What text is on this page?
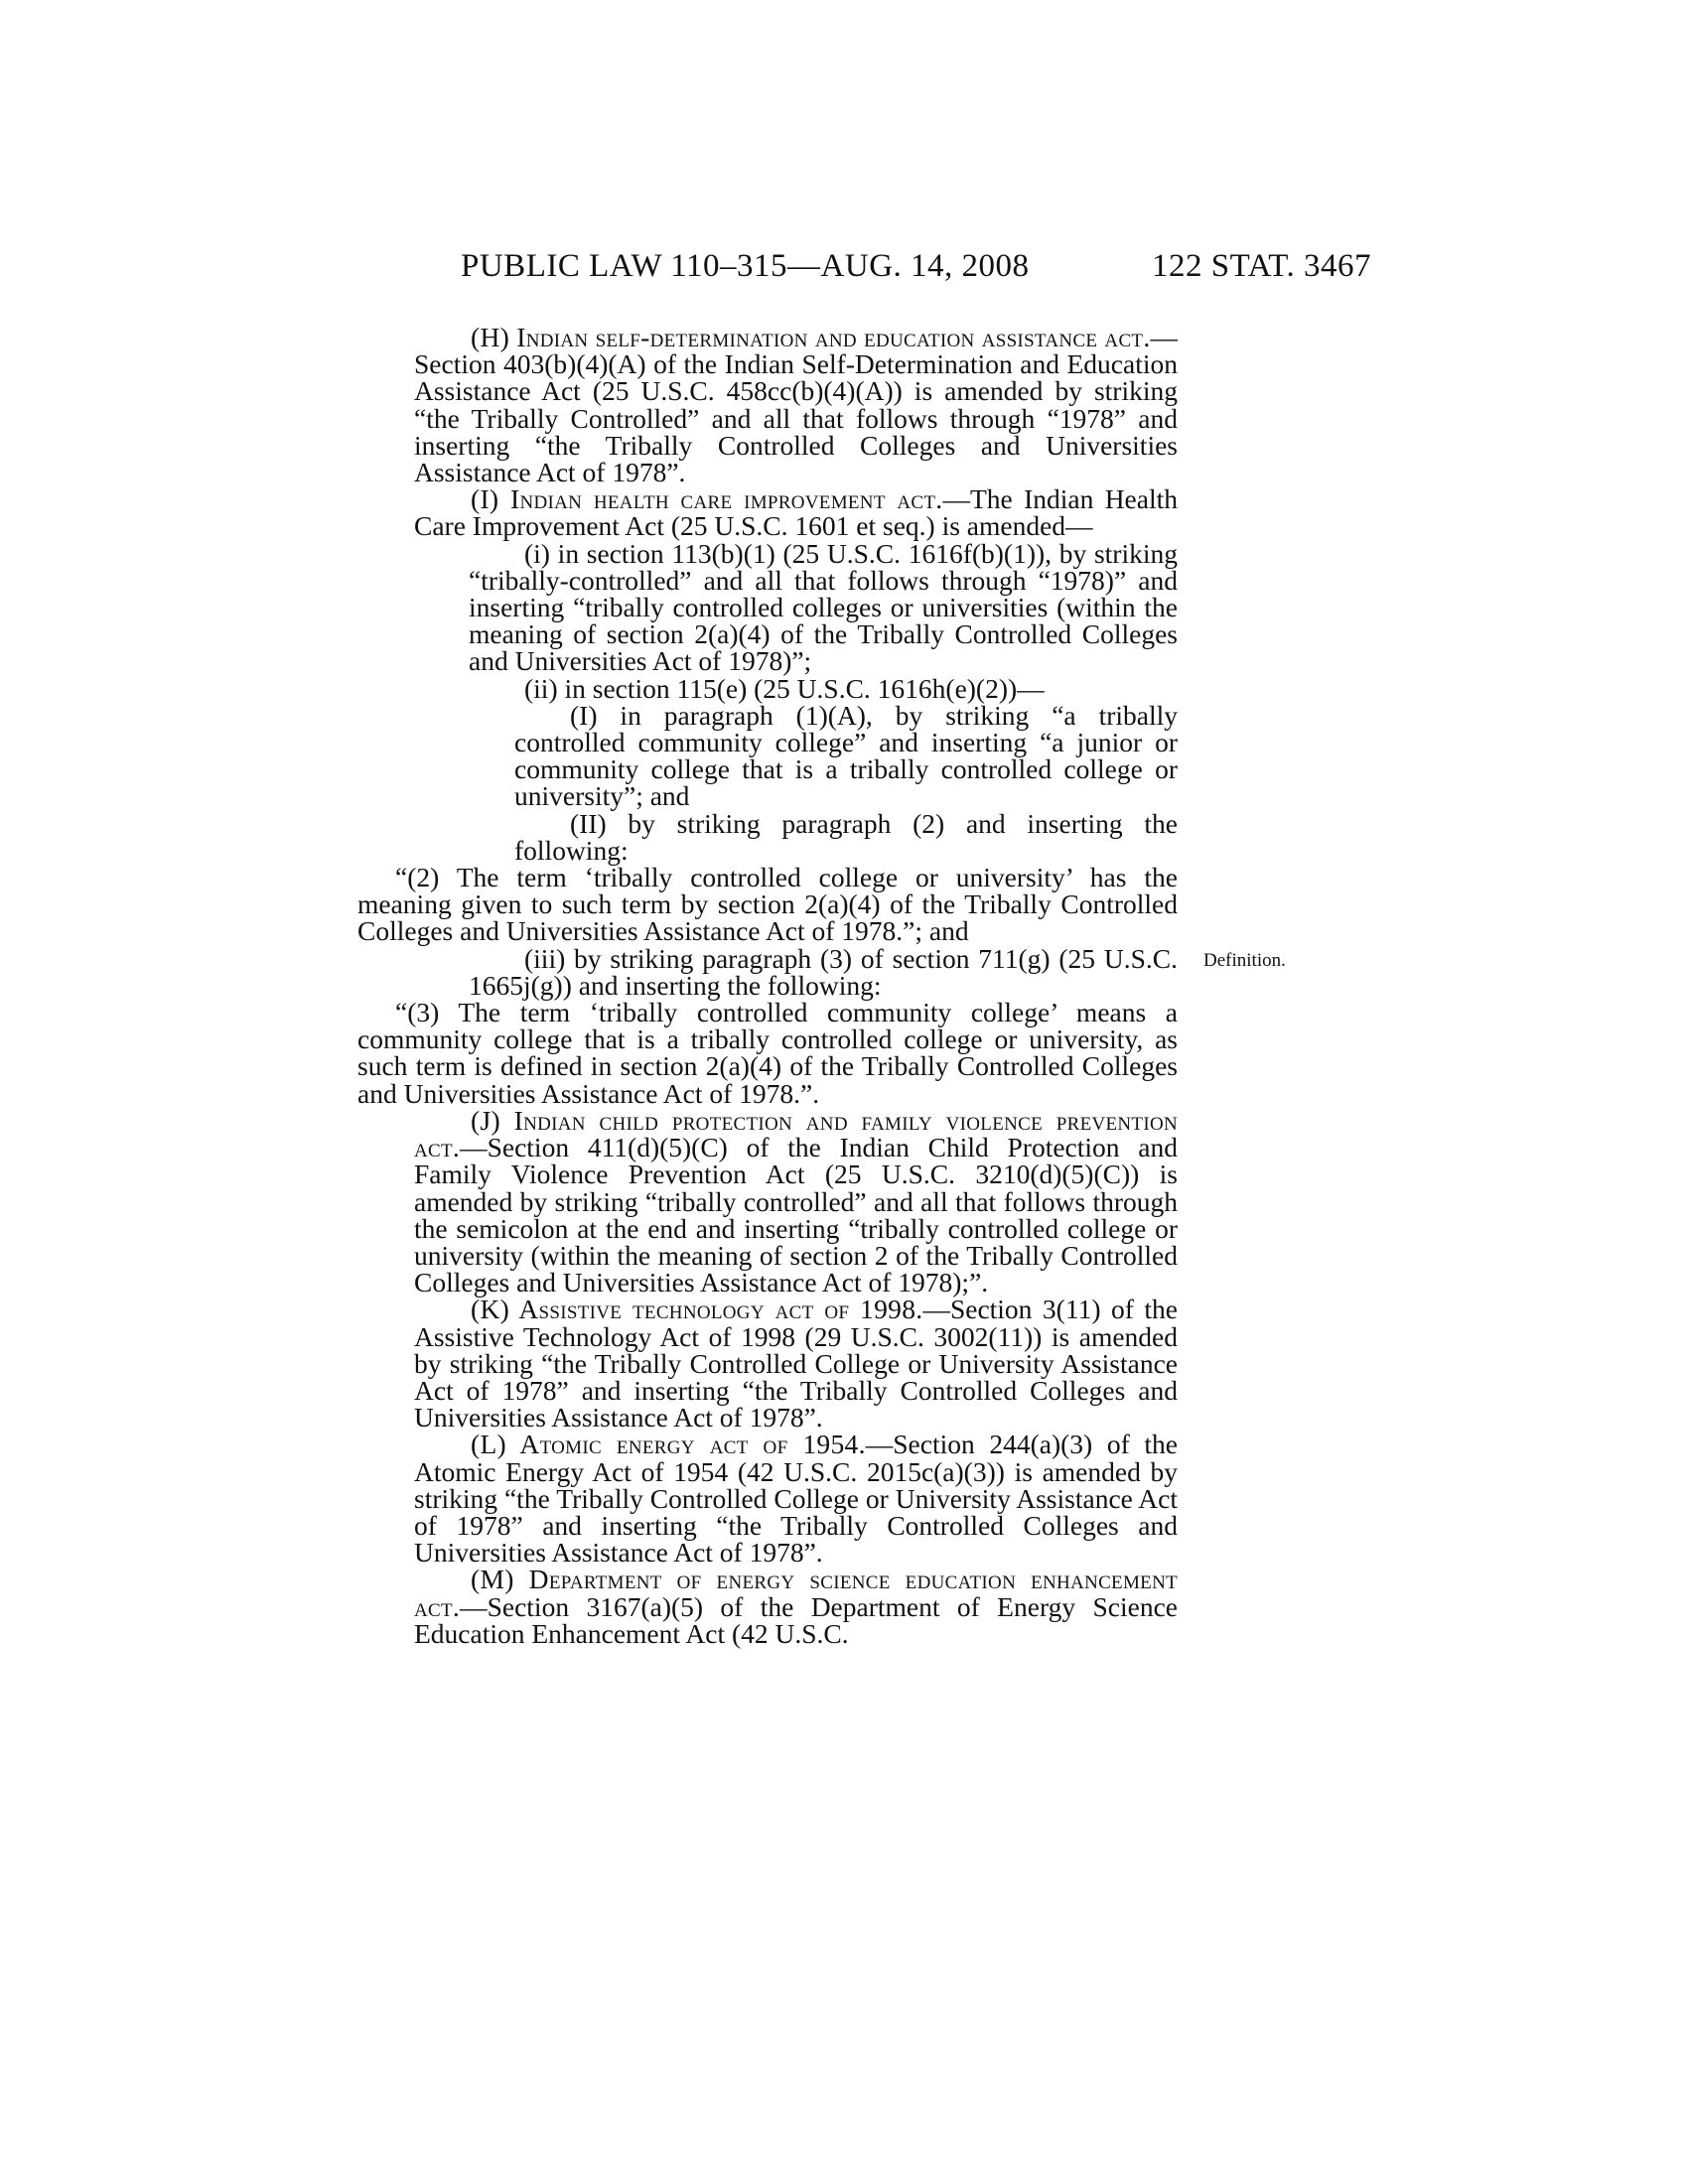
PUBLIC LAW 110–315—AUG. 14, 2008	122 STAT. 3467
Definition.

(H) Indian self-determination and education assistance act.—Section 403(b)(4)(A) of the Indian Self-Determination and Education Assistance Act (25 U.S.C. 458cc(b)(4)(A)) is amended by striking “the Tribally Controlled” and all that follows through “1978” and inserting “the Tribally Controlled Colleges and Universities Assistance Act of 1978”.

(I) Indian health care improvement act.—The Indian Health Care Improvement Act (25 U.S.C. 1601 et seq.) is amended—

(i) in section 113(b)(1) (25 U.S.C. 1616f(b)(1)), by striking “tribally-controlled” and all that follows through “1978)” and inserting “tribally controlled colleges or universities (within the meaning of section 2(a)(4) of the Tribally Controlled Colleges and Universities Act of 1978)”;

(ii) in section 115(e) (25 U.S.C. 1616h(e)(2))—

(I) in paragraph (1)(A), by striking “a tribally controlled community college” and inserting “a junior or community college that is a tribally controlled college or university”; and

(II) by striking paragraph (2) and inserting the following:

“(2) The term ‘tribally controlled college or university’ has the meaning given to such term by section 2(a)(4) of the Tribally Controlled Colleges and Universities Assistance Act of 1978.”; and

(iii) by striking paragraph (3) of section 711(g) (25 U.S.C. 1665j(g)) and inserting the following:

“(3) The term ‘tribally controlled community college’ means a community college that is a tribally controlled college or university, as such term is defined in section 2(a)(4) of the Tribally Controlled Colleges and Universities Assistance Act of 1978.”.

(J) Indian child protection and family violence prevention act.—Section 411(d)(5)(C) of the Indian Child Protection and Family Violence Prevention Act (25 U.S.C. 3210(d)(5)(C)) is amended by striking “tribally controlled” and all that follows through the semicolon at the end and inserting “tribally controlled college or university (within the meaning of section 2 of the Tribally Controlled Colleges and Universities Assistance Act of 1978);”.

(K) Assistive technology act of 1998.—Section 3(11) of the Assistive Technology Act of 1998 (29 U.S.C. 3002(11)) is amended by striking “the Tribally Controlled College or University Assistance Act of 1978” and inserting “the Tribally Controlled Colleges and Universities Assistance Act of 1978”.

(L) Atomic energy act of 1954.—Section 244(a)(3) of the Atomic Energy Act of 1954 (42 U.S.C. 2015c(a)(3)) is amended by striking “the Tribally Controlled College or University Assistance Act of 1978” and inserting “the Tribally Controlled Colleges and Universities Assistance Act of 1978”.

(M) Department of energy science education enhancement act.—Section 3167(a)(5) of the Department of Energy Science Education Enhancement Act (42 U.S.C.
